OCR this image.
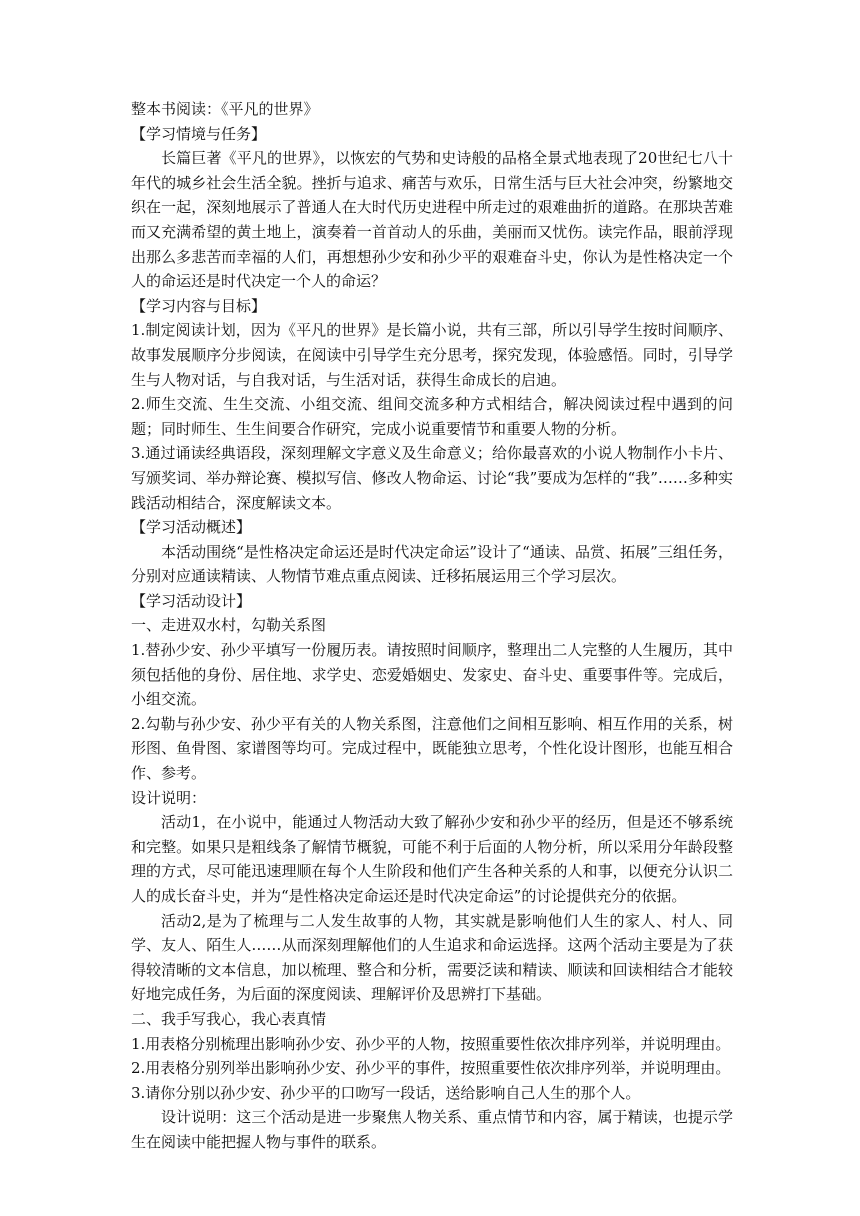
整本书阅读：《平凡的世界》

【学习情境与任务】

长篇巨著《平凡的世界》，以恢宏的气势和史诗般的品格全景式地表现了20世纪七八十年代的城乡社会生活全貌。挫折与追求、痛苦与欢乐，日常生活与巨大社会冲突，纷繁地交织在一起，深刻地展示了普通人在大时代历史进程中所走过的艰难曲折的道路。在那块苦难而又充满希望的黄土地上，演奏着一首首动人的乐曲，美丽而又忧伤。读完作品，眼前浮现出那么多悲苦而幸福的人们，再想想孙少安和孙少平的艰难奋斗史，你认为是性格决定一个人的命运还是时代决定一个人的命运？

【学习内容与目标】

1.制定阅读计划，因为《平凡的世界》是长篇小说，共有三部，所以引导学生按时间顺序、故事发展顺序分步阅读，在阅读中引导学生充分思考，探究发现，体验感悟。同时，引导学生与人物对话，与自我对话，与生活对话，获得生命成长的启迪。

2.师生交流、生生交流、小组交流、组间交流多种方式相结合，解决阅读过程中遇到的问题；同时师生、生生间要合作研究，完成小说重要情节和重要人物的分析。

3.通过诵读经典语段，深刻理解文字意义及生命意义；给你最喜欢的小说人物制作小卡片、写颁奖词、举办辩论赛、模拟写信、修改人物命运、讨论“我”要成为怎样的“我”……多种实践活动相结合，深度解读文本。

【学习活动概述】

本活动围绕“是性格决定命运还是时代决定命运”设计了“通读、品赏、拓展”三组任务，分别对应通读精读、人物情节难点重点阅读、迁移拓展运用三个学习层次。

【学习活动设计】

一、走进双水村，勾勒关系图

1.替孙少安、孙少平填写一份履历表。请按照时间顺序，整理出二人完整的人生履历，其中须包括他的身份、居住地、求学史、恋爱婚姻史、发家史、奋斗史、重要事件等。完成后，小组交流。

2.勾勒与孙少安、孙少平有关的人物关系图，注意他们之间相互影响、相互作用的关系，树形图、鱼骨图、家谱图等均可。完成过程中，既能独立思考，个性化设计图形，也能互相合作、参考。

设计说明：

活动1，在小说中，能通过人物活动大致了解孙少安和孙少平的经历，但是还不够系统和完整。如果只是粗线条了解情节概貌，可能不利于后面的人物分析，所以采用分年龄段整理的方式，尽可能迅速理顺在每个人生阶段和他们产生各种关系的人和事，以便充分认识二人的成长奋斗史，并为“是性格决定命运还是时代决定命运”的讨论提供充分的依据。

活动2,是为了梳理与二人发生故事的人物，其实就是影响他们人生的家人、村人、同学、友人、陌生人……从而深刻理解他们的人生追求和命运选择。这两个活动主要是为了获得较清晰的文本信息，加以梳理、整合和分析，需要泛读和精读、顺读和回读相结合才能较好地完成任务，为后面的深度阅读、理解评价及思辨打下基础。

二、我手写我心，我心表真情

1.用表格分别梳理出影响孙少安、孙少平的人物，按照重要性依次排序列举，并说明理由。

2.用表格分别列举出影响孙少安、孙少平的事件，按照重要性依次排序列举，并说明理由。

3.请你分别以孙少安、孙少平的口吻写一段话，送给影响自己人生的那个人。

设计说明：这三个活动是进一步聚焦人物关系、重点情节和内容，属于精读，也提示学生在阅读中能把握人物与事件的联系。
